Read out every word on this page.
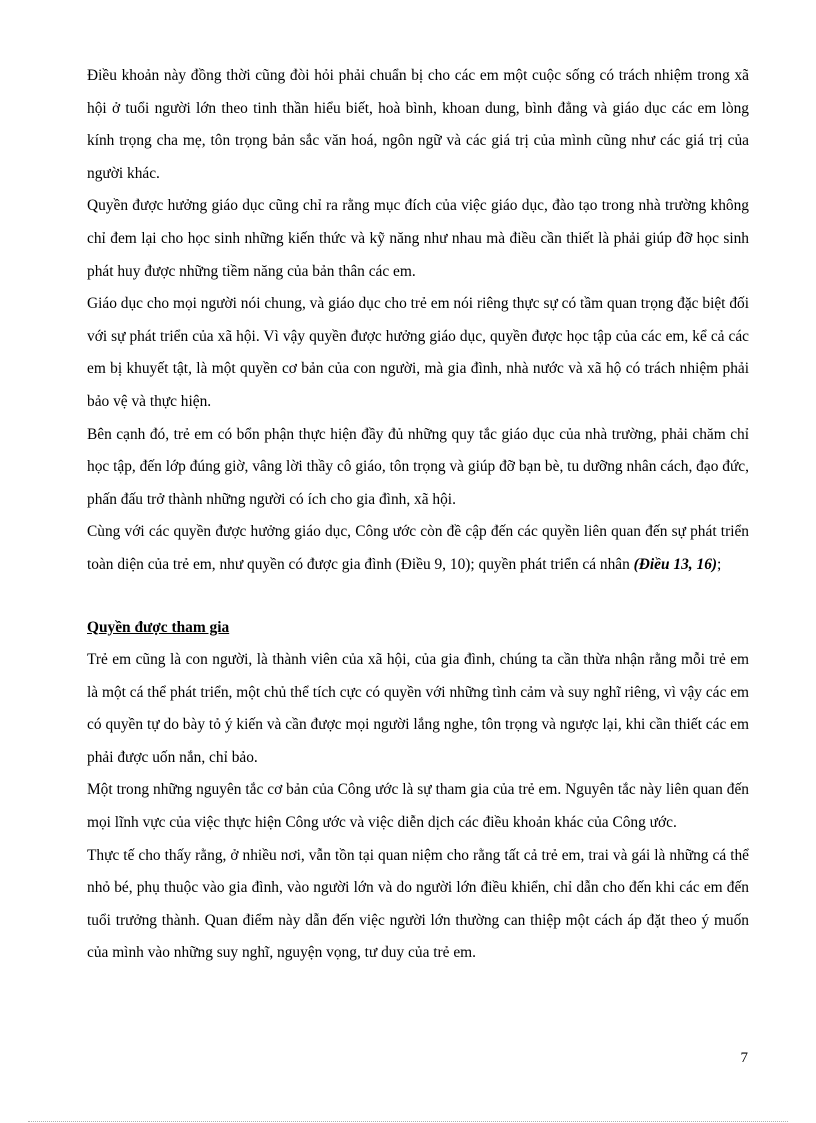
Điều khoản này đồng thời cũng đòi hỏi phải chuẩn bị cho các em một cuộc sống có trách nhiệm trong xã hội ở tuổi người lớn theo tinh thần hiểu biết, hoà bình, khoan dung, bình đẳng và giáo dục các em lòng kính trọng cha mẹ, tôn trọng bản sắc văn hoá, ngôn ngữ và các giá trị của mình cũng như các giá trị của người khác.

Quyền được hưởng giáo dục cũng chỉ ra rằng mục đích của việc giáo dục, đào tạo trong nhà trường không chỉ đem lại cho học sinh những kiến thức và kỹ năng như nhau mà điều cần thiết là phải giúp đỡ học sinh phát huy được những tiềm năng của bản thân các em.

Giáo dục cho mọi người nói chung, và giáo dục cho trẻ em nói riêng thực sự có tầm quan trọng đặc biệt đối với sự phát triển của xã hội. Vì vậy quyền được hưởng giáo dục, quyền được học tập của các em, kể cả các em bị khuyết tật, là một quyền cơ bản của con người, mà gia đình, nhà nước và xã hộ có trách nhiệm phải bảo vệ và thực hiện.

Bên cạnh đó, trẻ em có bổn phận thực hiện đầy đủ những quy tắc giáo dục của nhà trường, phải chăm chỉ học tập, đến lớp đúng giờ, vâng lời thầy cô giáo, tôn trọng và giúp đỡ bạn bè, tu dưỡng nhân cách, đạo đức, phấn đấu trở thành những người có ích cho gia đình, xã hội.

Cùng với các quyền được hưởng giáo dục, Công ước còn đề cập đến các quyền liên quan đến sự phát triển toàn diện của trẻ em, như quyền có được gia đình (Điều 9, 10); quyền phát triển cá nhân (Điều 13, 16);

Quyền được tham gia

Trẻ em cũng là con người, là thành viên của xã hội, của gia đình, chúng ta cần thừa nhận rằng mỗi trẻ em là một cá thể phát triển, một chủ thể tích cực có quyền với những tình cảm và suy nghĩ riêng, vì vậy các em có quyền tự do bày tỏ ý kiến và cần được mọi người lắng nghe, tôn trọng và ngược lại, khi cần thiết các em phải được uốn nắn, chỉ bảo.

Một trong những nguyên tắc cơ bản của Công ước là sự tham gia của trẻ em. Nguyên tắc này liên quan đến mọi lĩnh vực của việc thực hiện Công ước và việc diễn dịch các điều khoản khác của Công ước.

Thực tế cho thấy rằng, ở nhiều nơi, vẫn tồn tại quan niệm cho rằng tất cả trẻ em, trai và gái là những cá thể nhỏ bé, phụ thuộc vào gia đình, vào người lớn và do người lớn điều khiển, chỉ dẫn cho đến khi các em đến tuổi trưởng thành. Quan điểm này dẫn đến việc người lớn thường can thiệp một cách áp đặt theo ý muốn của mình vào những suy nghĩ, nguyện vọng, tư duy của trẻ em.

7
